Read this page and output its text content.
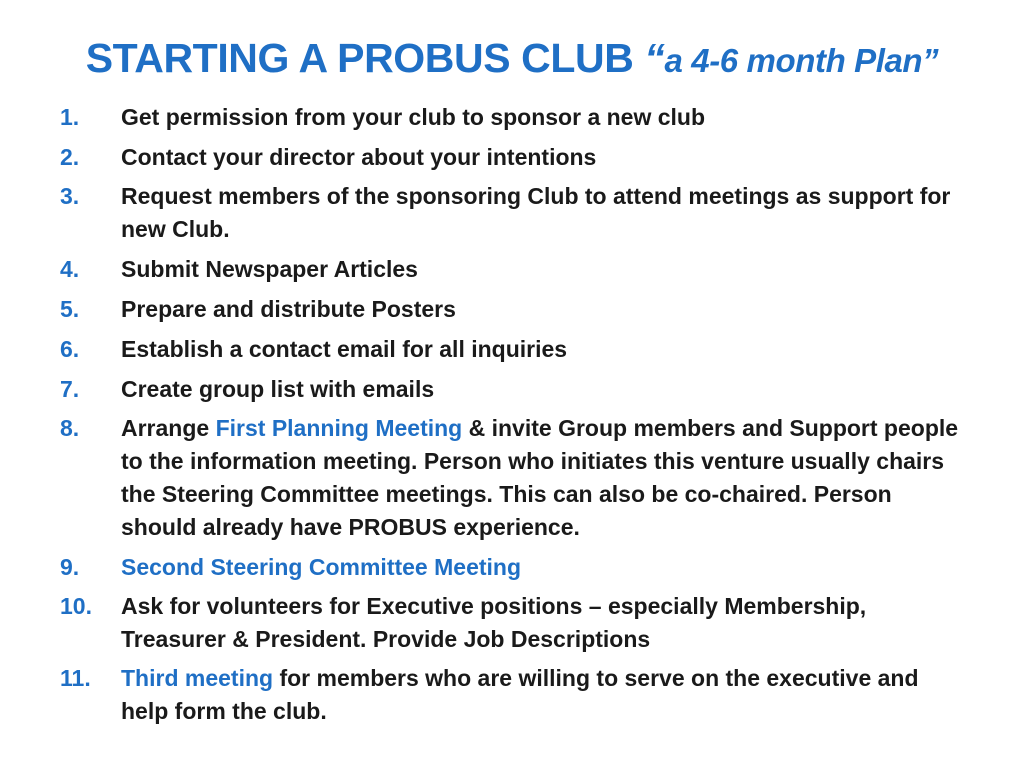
STARTING A PROBUS CLUB “a 4-6 month Plan”
1. Get permission from your club to sponsor a new club
2. Contact your director about your intentions
3. Request members of the sponsoring Club to attend meetings as support for new Club.
4. Submit Newspaper Articles
5. Prepare and distribute Posters
6. Establish a contact email for all inquiries
7. Create group list with emails
8. Arrange First Planning Meeting & invite Group members and Support people to the information meeting. Person who initiates this venture usually chairs the Steering Committee meetings. This can also be co-chaired. Person should already have PROBUS experience.
9. Second Steering Committee Meeting
10. Ask for volunteers for Executive positions – especially Membership, Treasurer & President. Provide Job Descriptions
11. Third meeting for members who are willing to serve on the executive and help form the club.
